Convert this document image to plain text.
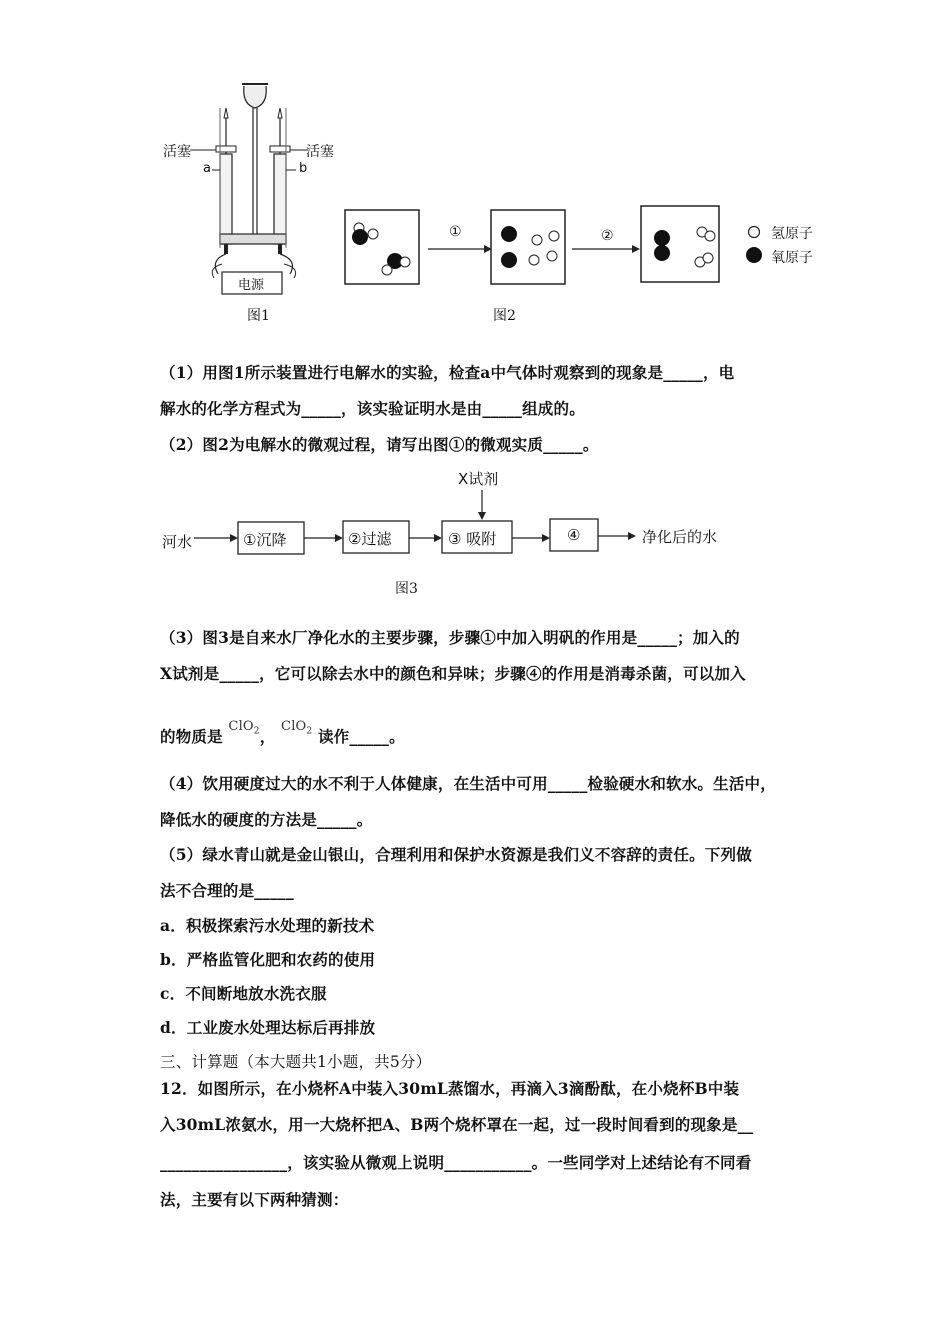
活塞	活塞
a	b
电源
图1
①	②	氢原子
氧原子
图2
（1）用图1所示装置进行电解水的实验，检查a中气体时观察到的现象是_____，电
解水的化学方程式为_____，该实验证明水是由_____组成的。
（2）图2为电解水的微观过程，请写出图①的微观实质_____。
X试剂
河水	①沉降	②过滤	③ 吸附	④	净化后的水
图3
（3）图3是自来水厂净化水的主要步骤，步骤①中加入明矾的作用是_____；加入的
X试剂是_____，它可以除去水中的颜色和异味；步骤④的作用是消毒杀菌，可以加入
的物质是 $^{ClO_2}$， $^{ClO_2}$ 读作_____。
（4）饮用硬度过大的水不利于人体健康，在生活中可用_____检验硬水和软水。生活中，
降低水的硬度的方法是_____。
（5）绿水青山就是金山银山，合理利用和保护水资源是我们义不容辞的责任。下列做
法不合理的是_____
a．积极探索污水处理的新技术
b．严格监管化肥和农药的使用
c．不间断地放水洗衣服
d．工业废水处理达标后再排放
三、计算题（本大题共1小题，共5分）
12．如图所示，在小烧杯A中装入30mL蒸馏水，再滴入3滴酚酞，在小烧杯B中装
入30mL浓氨水，用一大烧杯把A、B两个烧杯罩在一起，过一段时间看到的现象是__
________________，该实验从微观上说明___________。一些同学对上述结论有不同看
法，主要有以下两种猜测：
